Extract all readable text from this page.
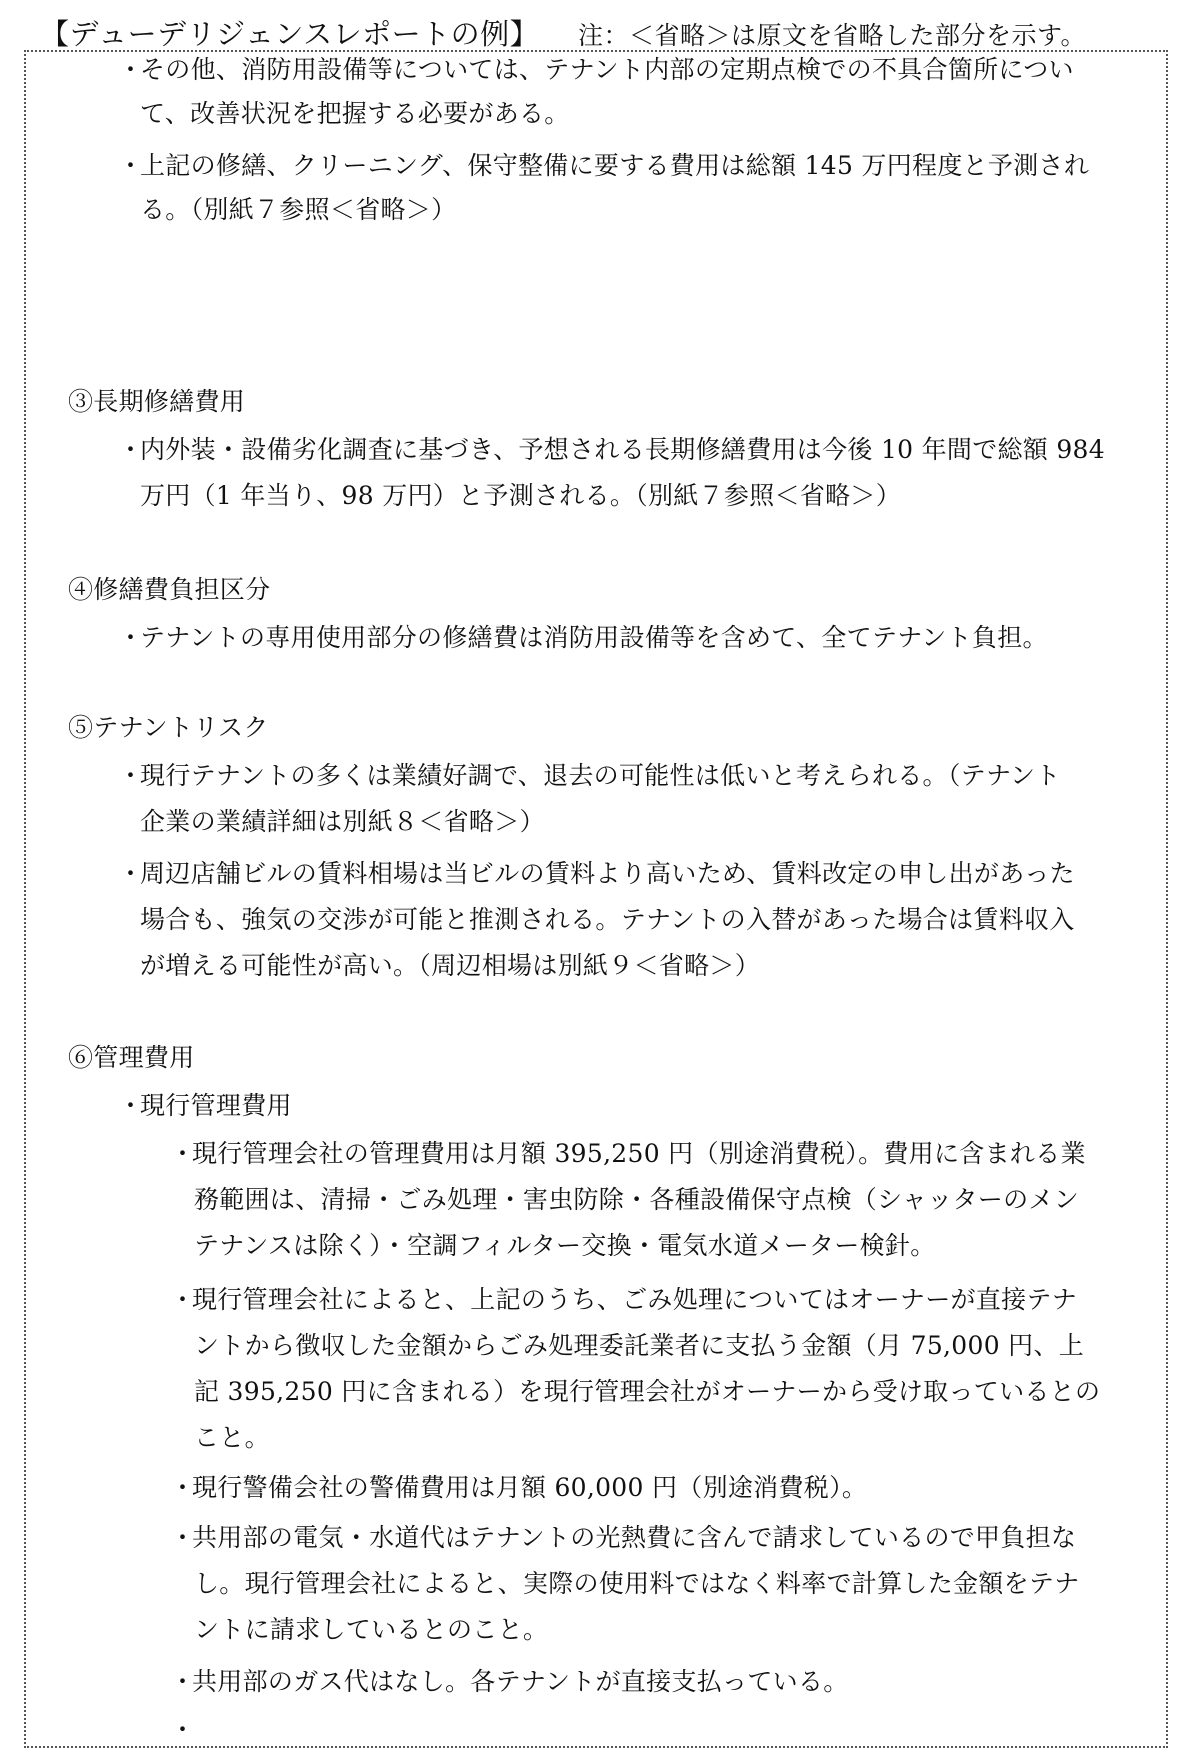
【デューデリジェンスレポートの例】 注：＜省略＞は原文を省略した部分を示す。
・その他、消防用設備等については、テナント内部の定期点検での不具合箇所につい
て、改善状況を把握する必要がある。
・上記の修繕、クリーニング、保守整備に要する費用は総額 145 万円程度と予測され
る。（別紙７参照＜省略＞）
③長期修繕費用
・内外装・設備劣化調査に基づき、予想される長期修繕費用は今後 10 年間で総額 984
万円（1 年当り、98 万円）と予測される。（別紙７参照＜省略＞）
④修繕費負担区分
・テナントの専用使用部分の修繕費は消防用設備等を含めて、全てテナント負担。
⑤テナントリスク
・現行テナントの多くは業績好調で、退去の可能性は低いと考えられる。（テナント
企業の業績詳細は別紙８＜省略＞）
・周辺店舗ビルの賃料相場は当ビルの賃料より高いため、賃料改定の申し出があった
場合も、強気の交渉が可能と推測される。テナントの入替があった場合は賃料収入
が増える可能性が高い。（周辺相場は別紙９＜省略＞）
⑥管理費用
・現行管理費用
・現行管理会社の管理費用は月額 395,250 円（別途消費税）。費用に含まれる業
務範囲は、清掃・ごみ処理・害虫防除・各種設備保守点検（シャッターのメン
テナンスは除く）・空調フィルター交換・電気水道メーター検針。
・現行管理会社によると、上記のうち、ごみ処理についてはオーナーが直接テナ
ントから徴収した金額からごみ処理委託業者に支払う金額（月 75,000 円、上
記 395,250 円に含まれる）を現行管理会社がオーナーから受け取っているとの
こと。
・現行警備会社の警備費用は月額 60,000 円（別途消費税）。
・共用部の電気・水道代はテナントの光熱費に含んで請求しているので甲負担な
し。現行管理会社によると、実際の使用料ではなく料率で計算した金額をテナ
ントに請求しているとのこと。
・共用部のガス代はなし。各テナントが直接支払っている。
・
